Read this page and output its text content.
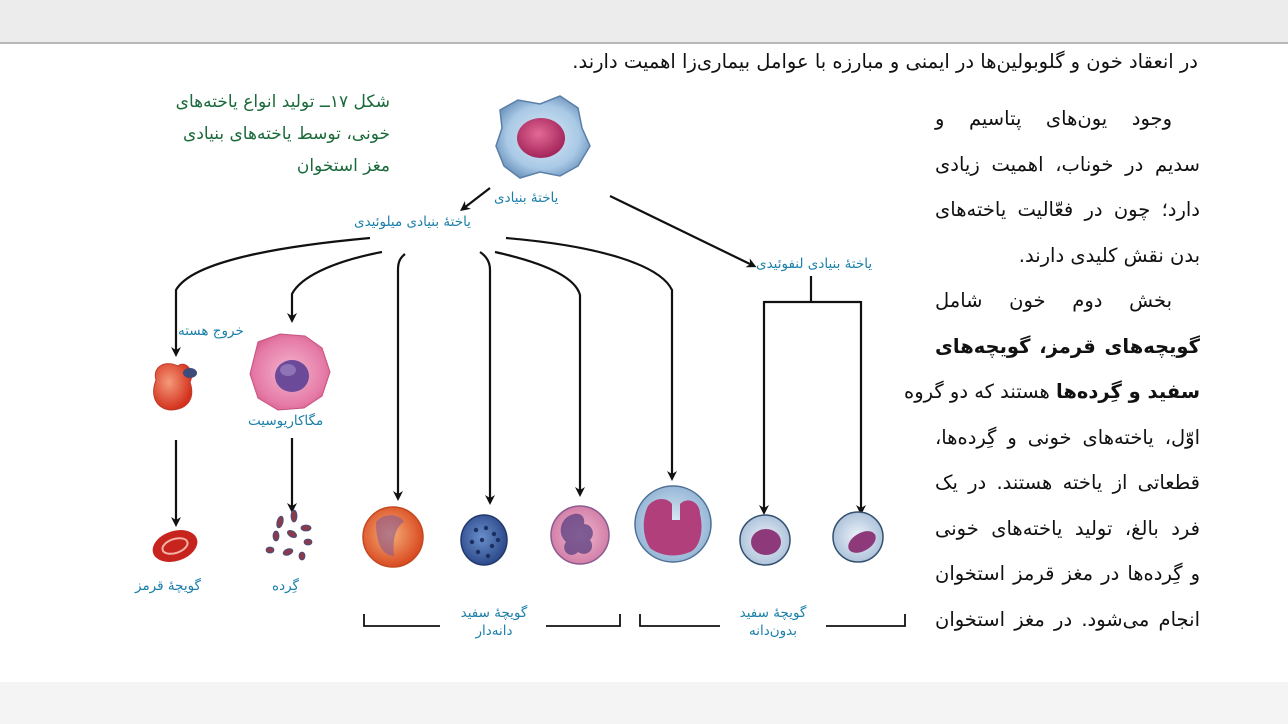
در انعقاد خون و گلوبولین‌ها در ایمنی و مبارزه با عوامل بیماری‌زا اهمیت دارند.
وجود یون‌های پتاسیم و
سدیم در خوناب، اهمیت زیادی
دارد؛ چون در فعّالیت یاخته‌های
بدن نقش کلیدی دارند.
بخش دوم خون شامل
گویچه‌های قرمز، گویچه‌های
سفید و گِرده‌ها هستند که دو گروه
اوّل، یاخته‌های خونی و گِرده‌ها،
قطعاتی از یاخته هستند. در یک
فرد بالغ، تولید یاخته‌های خونی
و گِرده‌ها در مغز قرمز استخوان
انجام می‌شود. در مغز استخوان
شکل ۱۷ــ تولید انواع یاخته‌های
خونی، توسط یاخته‌های بنیادی
مغز استخوان
یاختهٔ بنیادی
یاختهٔ بنیادی میلوئیدی
یاختهٔ بنیادی لنفوئیدی
خروج هسته
مگاکاریوسیت
گویچهٔ قرمز	گِرده
گویچهٔ سفید
دانه‌دار
گویچهٔ سفید
بدون‌دانه
